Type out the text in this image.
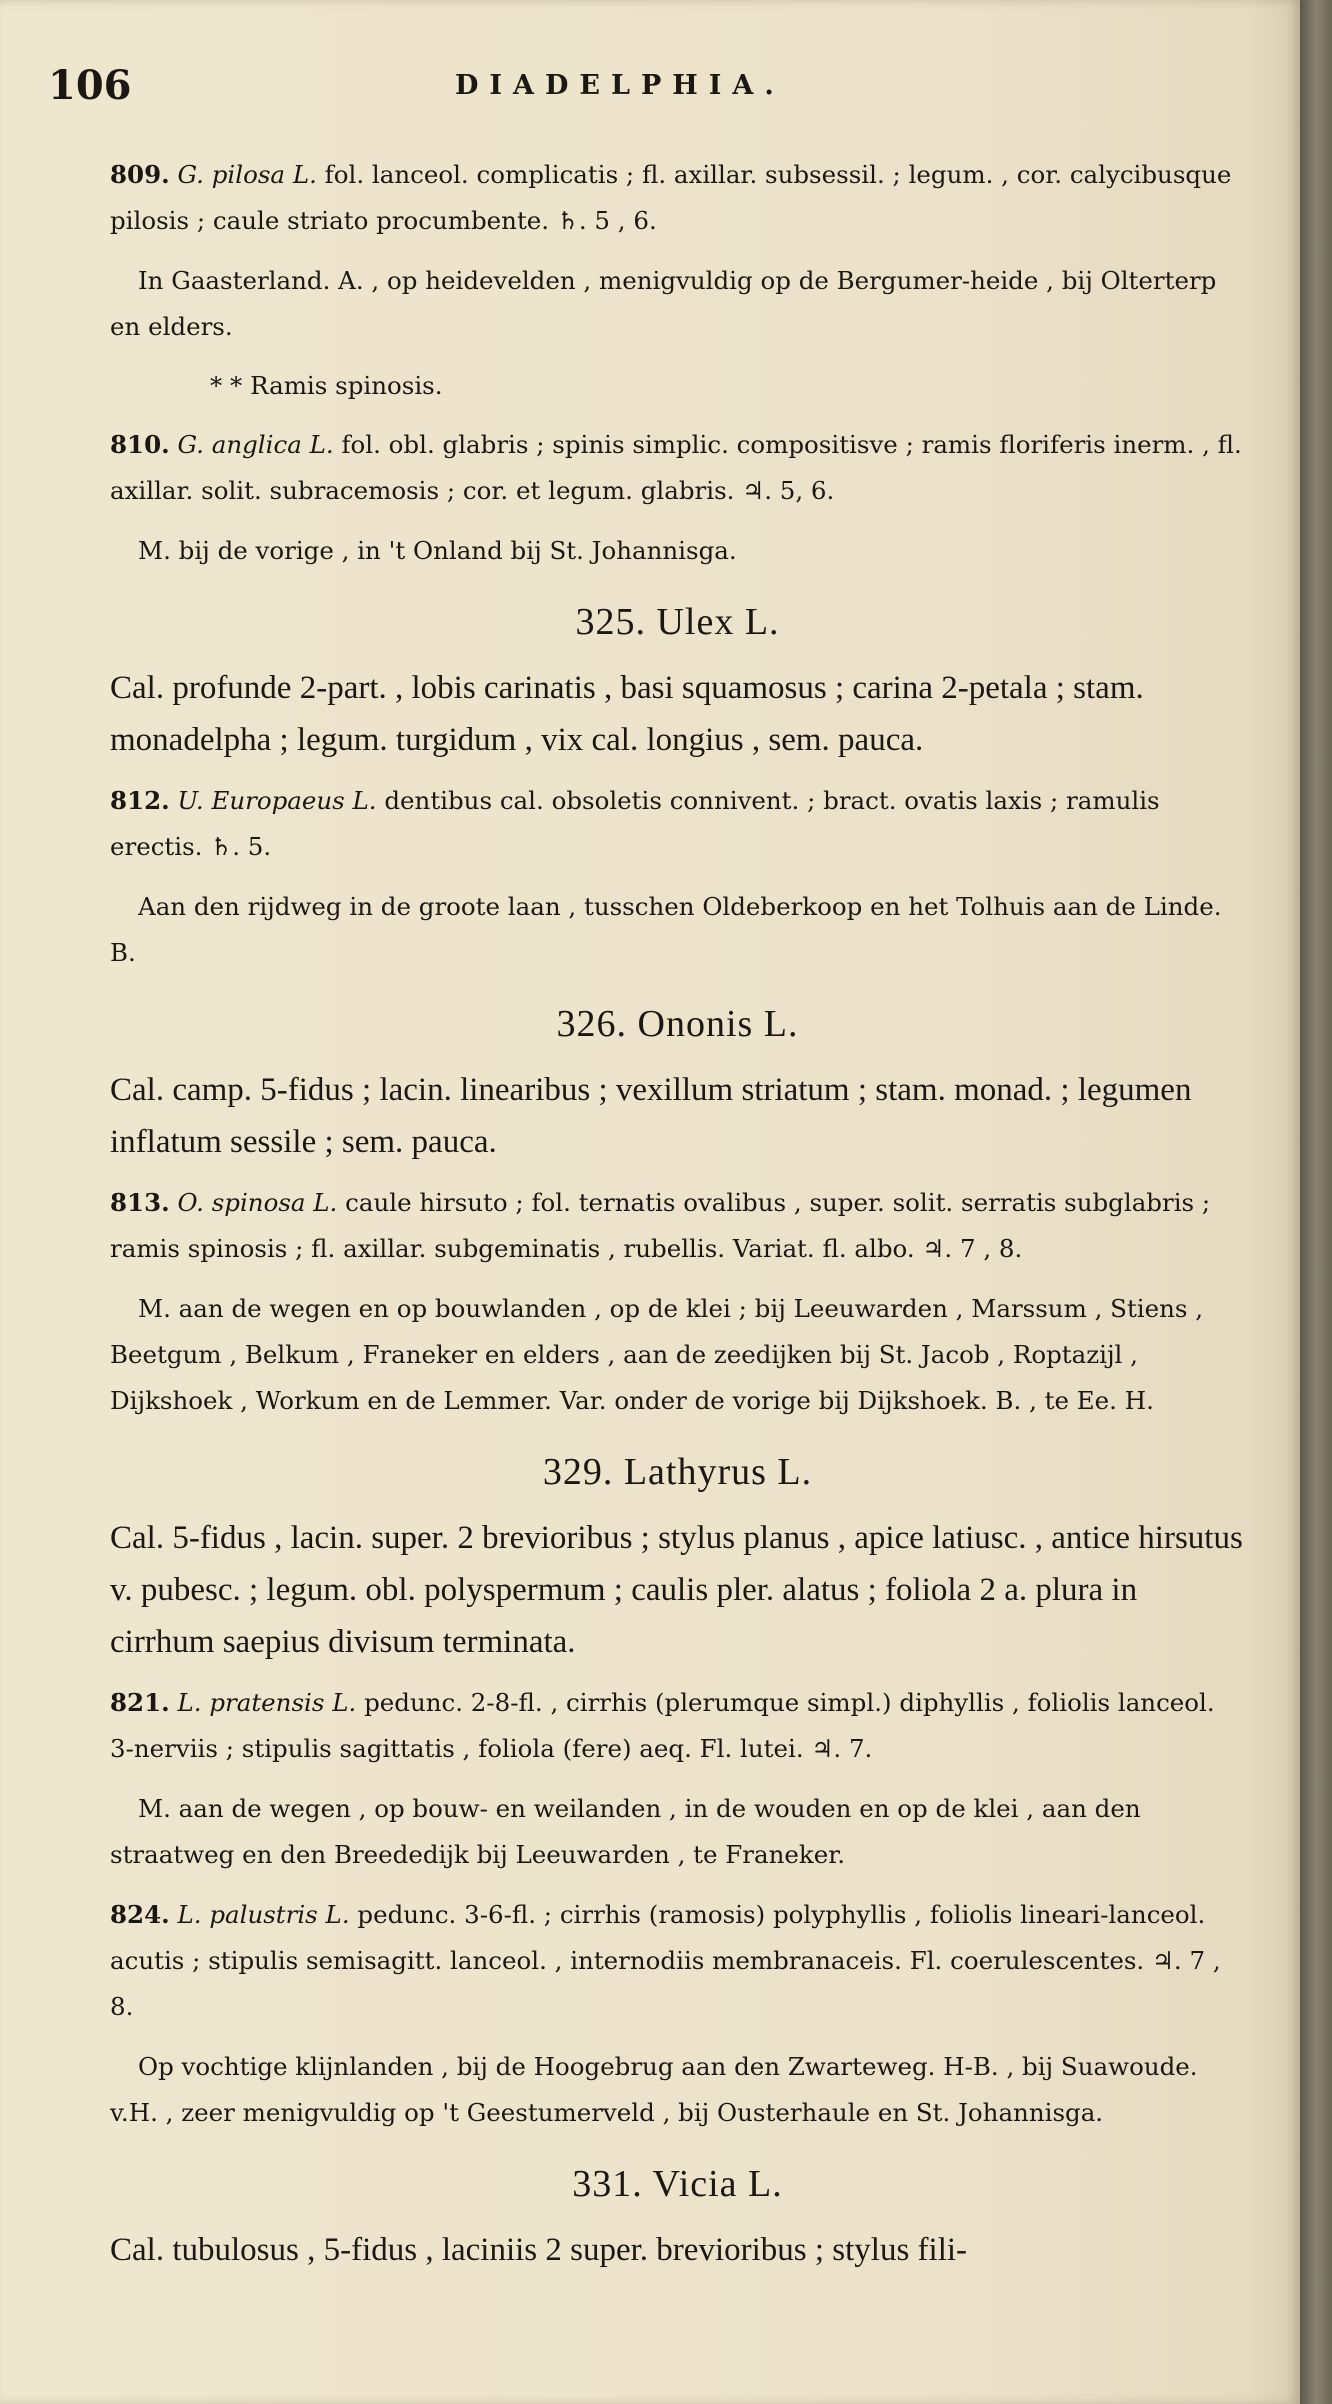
106	DIADELPHIA.
809. G. pilosa L. fol. lanceol. complicatis ; fl. axillar. subsessil. ; legum. , cor. calycibusque pilosis ; caule striato procumbente. ♄. 5 , 6.
In Gaasterland. A. , op heidevelden , menigvuldig op de Bergumer-heide , bij Olterterp en elders.
* * Ramis spinosis.
810. G. anglica L. fol. obl. glabris ; spinis simplic. compositisve ; ramis floriferis inerm. , fl. axillar. solit. subracemosis ; cor. et legum. glabris. ♃. 5, 6.
M. bij de vorige , in 't Onland bij St. Johannisga.
325. Ulex L.
Cal. profunde 2-part. , lobis carinatis , basi squamosus ; carina 2-petala ; stam. monadelpha ; legum. turgidum , vix cal. longius , sem. pauca.
812. U. Europaeus L. dentibus cal. obsoletis connivent. ; bract. ovatis laxis ; ramulis erectis. ♄. 5.
Aan den rijdweg in de groote laan , tusschen Oldeberkoop en het Tolhuis aan de Linde. B.
326. Ononis L.
Cal. camp. 5-fidus ; lacin. linearibus ; vexillum striatum ; stam. monad. ; legumen inflatum sessile ; sem. pauca.
813. O. spinosa L. caule hirsuto ; fol. ternatis ovalibus , super. solit. serratis subglabris ; ramis spinosis ; fl. axillar. subgeminatis , rubellis. Variat. fl. albo. ♃. 7 , 8.
M. aan de wegen en op bouwlanden , op de klei ; bij Leeuwarden , Marssum , Stiens , Beetgum , Belkum , Franeker en elders , aan de zeedijken bij St. Jacob , Roptazijl , Dijkshoek , Workum en de Lemmer. Var. onder de vorige bij Dijkshoek. B. , te Ee. H.
329. Lathyrus L.
Cal. 5-fidus , lacin. super. 2 brevioribus ; stylus planus , apice latiusc. , antice hirsutus v. pubesc. ; legum. obl. polyspermum ; caulis pler. alatus ; foliola 2 a. plura in cirrhum saepius divisum terminata.
821. L. pratensis L. pedunc. 2-8-fl. , cirrhis (plerumque simpl.) diphyllis , foliolis lanceol. 3-nerviis ; stipulis sagittatis , foliola (fere) aeq. Fl. lutei. ♃. 7.
M. aan de wegen , op bouw- en weilanden , in de wouden en op de klei , aan den straatweg en den Breededijk bij Leeuwarden , te Franeker.
824. L. palustris L. pedunc. 3-6-fl. ; cirrhis (ramosis) polyphyllis , foliolis lineari-lanceol. acutis ; stipulis semisagitt. lanceol. , internodiis membranaceis. Fl. coerulescentes. ♃. 7 , 8.
Op vochtige klijnlanden , bij de Hoogebrug aan den Zwarteweg. H-B. , bij Suawoude. v.H. , zeer menigvuldig op 't Geestumerveld , bij Ousterhaule en St. Johannisga.
331. Vicia L.
Cal. tubulosus , 5-fidus , laciniis 2 super. brevioribus ; stylus fili-
